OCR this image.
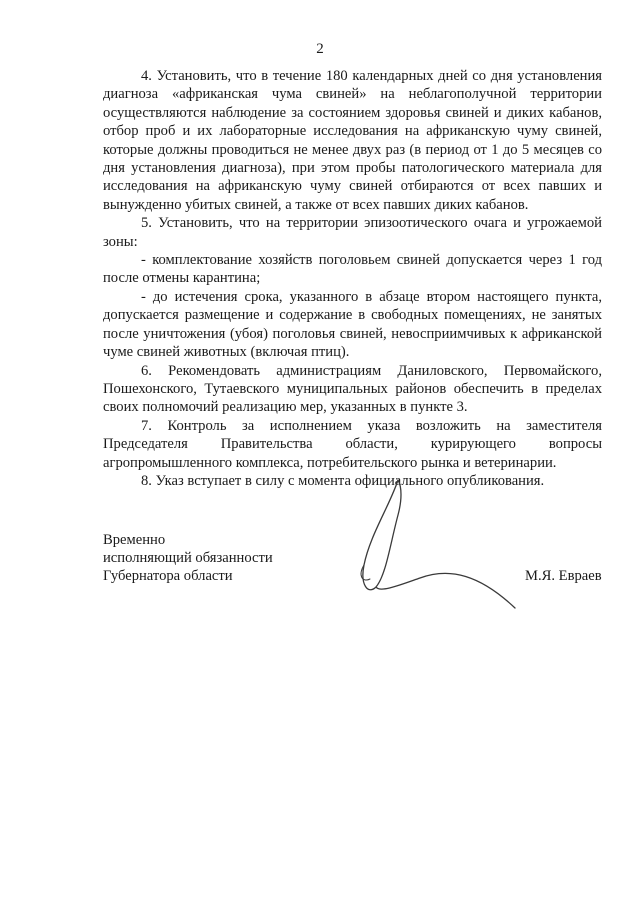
2

4. Установить, что в течение 180 календарных дней со дня установления диагноза «африканская чума свиней» на неблагополучной территории осуществляются наблюдение за состоянием здоровья свиней и диких кабанов, отбор проб и их лабораторные исследования на африканскую чуму свиней, которые должны проводиться не менее двух раз (в период от 1 до 5 месяцев со дня установления диагноза), при этом пробы патологического материала для исследования на африканскую чуму свиней отбираются от всех павших и вынужденно убитых свиней, а также от всех павших диких кабанов.

5. Установить, что на территории эпизоотического очага и угрожаемой зоны:

- комплектование хозяйств поголовьем свиней допускается через 1 год после отмены карантина;

- до истечения срока, указанного в абзаце втором настоящего пункта, допускается размещение и содержание в свободных помещениях, не занятых после уничтожения (убоя) поголовья свиней, невосприимчивых к африканской чуме свиней животных (включая птиц).

6. Рекомендовать администрациям Даниловского, Первомайского, Пошехонского, Тутаевского муниципальных районов обеспечить в пределах своих полномочий реализацию мер, указанных в пункте 3.

7. Контроль за исполнением указа возложить на заместителя Председателя Правительства области, курирующего вопросы агропромышленного комплекса, потребительского рынка и ветеринарии.

8. Указ вступает в силу с момента официального опубликования.

Временно
исполняющий обязанности
Губернатора области	М.Я. Евраев
